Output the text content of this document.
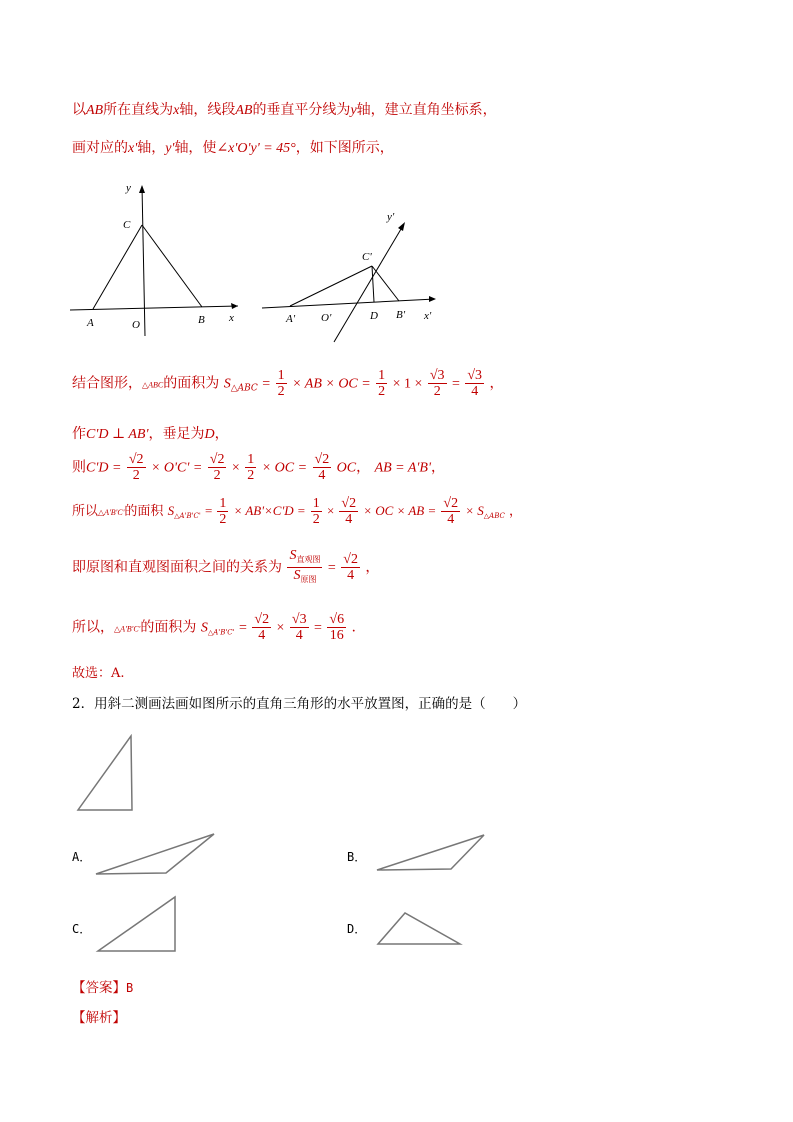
以AB所在直线为x轴，线段AB的垂直平分线为y轴，建立直角坐标系，
画对应的x'轴，y'轴，使∠x'O'y' = 45°，如下图所示，
y
C
A	O	B x
y'
C'
A' O'	D B' x'
结合图形，△ABC的面积为 $S_{\triangle ABC} = \frac{1}{2}$ × AB × OC = $\frac{1}{2} \times 1 \times \frac{√3}{2} = \frac{√3}{4}$ ，
作C'D ⊥ AB'，垂足为D，
则$C'D = \frac{√2}{2} \times O'C' = \frac{√2}{2} \times \frac{1}{2}$ × OC = $\frac{√2}{4}$ OC， AB = A'B'，
所以△A'B'C'的面积 $S_{\triangle A'B'C'} = \frac{1}{2} \times AB'\times C'D = \frac{1}{2} \times \frac{√2}{4}$ × OC × AB = $\frac{√2}{4} \times S_{\triangle ABC}$ ，
即原图和直观图面积之间的关系为 $\frac{S_{直观图}}{S_{原图}} = \frac{√2}{4}$ ，
所以，△A'B'C'的面积为 $S_{\triangle A'B'C'} = \frac{√2}{4} \times \frac{√3}{4} = \frac{√6}{16}$ .
故选：A.
2．用斜二测画法画如图所示的直角三角形的水平放置图，正确的是（　　）
A．	B．
C．	D．
【答案】B
【解析】
